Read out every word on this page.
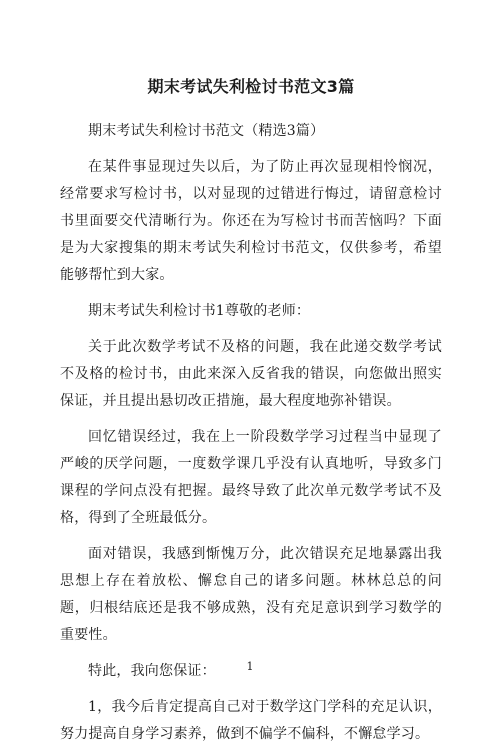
期末考试失利检讨书范文3篇

期末考试失利检讨书范文（精选3篇）

在某件事显现过失以后，为了防止再次显现相怜悯况，经常要求写检讨书，以对显现的过错进行悔过，请留意检讨书里面要交代清晰行为。你还在为写检讨书而苦恼吗？下面是为大家搜集的期末考试失利检讨书范文，仅供参考，希望能够帮忙到大家。

期末考试失利检讨书1尊敬的老师：

关于此次数学考试不及格的问题，我在此递交数学考试不及格的检讨书，由此来深入反省我的错误，向您做出照实保证，并且提出悬切改正措施，最大程度地弥补错误。

回忆错误经过，我在上一阶段数学学习过程当中显现了严峻的厌学问题，一度数学课几乎没有认真地听，导致多门课程的学问点没有把握。最终导致了此次单元数学考试不及格，得到了全班最低分。

面对错误，我感到惭愧万分，此次错误充足地暴露出我思想上存在着放松、懈怠自己的诸多问题。林林总总的问题，归根结底还是我不够成熟，没有充足意识到学习数学的重要性。

特此，我向您保证：

1，我今后肯定提高自己对于数学这门学科的充足认识，努力提高自身学习素养，做到不偏学不偏科，不懈怠学习。

1
